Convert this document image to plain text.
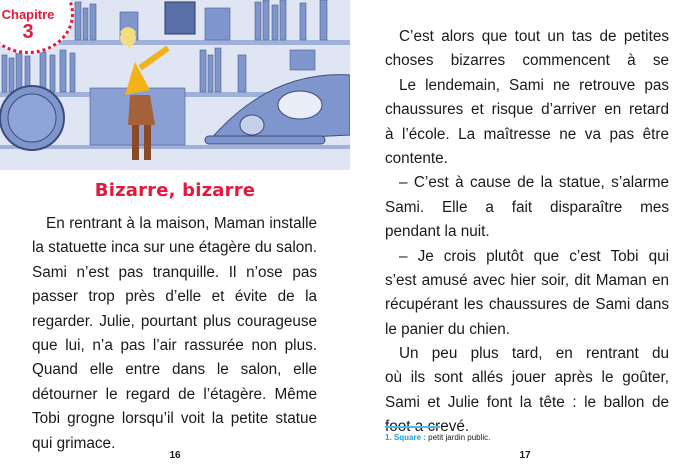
Chapitre
3
Bizarre, bizarre
En rentrant à la maison, Maman installe
la statuette inca sur une étagère du salon.
Sami n’est pas tranquille. Il n’ose pas
passer trop près d’elle et évite de la
regarder. Julie, pourtant plus courageuse
que lui, n’a pas l’air rassurée non plus.
Quand elle entre dans le salon, elle
détourner le regard de l’étagère. Même
Tobi grogne lorsqu’il voit la petite statue
qui grimace.
16
C’est alors que tout un tas de petites
choses bizarres commencent à se
Le lendemain, Sami ne retrouve pas
chaussures et risque d’arriver en retard
à l’école. La maîtresse ne va pas être
contente.
– C’est à cause de la statue, s’alarme
Sami. Elle a fait disparaître mes
pendant la nuit.
– Je crois plutôt que c’est Tobi qui
s’est amusé avec hier soir, dit Maman en
récupérant les chaussures de Sami dans
le panier du chien.
Un peu plus tard, en rentrant du
où ils sont allés jouer après le goûter,
Sami et Julie font la tête : le ballon de
foot a crevé.
1. Square : petit jardin public.
17
